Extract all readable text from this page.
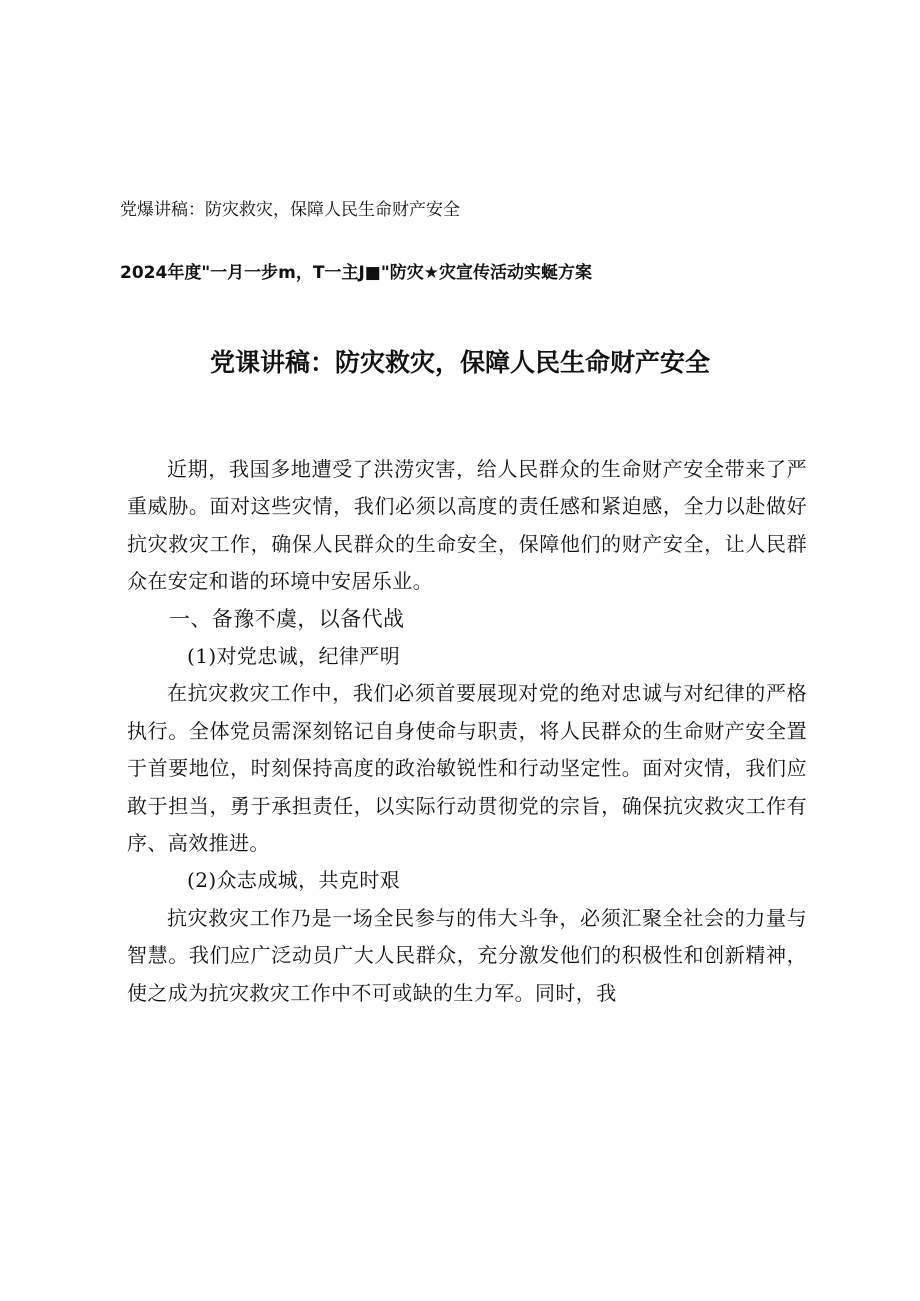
党爆讲稿：防灾救灾，保障人民生命财产安全

2024年度"一月一步m，T一主J■"防灾★灾宣传活动实蜒方案

党课讲稿：防灾救灾，保障人民生命财产安全

近期，我国多地遭受了洪涝灾害，给人民群众的生命财产安全带来了严重威胁。面对这些灾情，我们必须以高度的责任感和紧迫感，全力以赴做好抗灾救灾工作，确保人民群众的生命安全，保障他们的财产安全，让人民群众在安定和谐的环境中安居乐业。

一、备豫不虞，以备代战

(1)对党忠诚，纪律严明

在抗灾救灾工作中，我们必须首要展现对党的绝对忠诚与对纪律的严格执行。全体党员需深刻铭记自身使命与职责，将人民群众的生命财产安全置于首要地位，时刻保持高度的政治敏锐性和行动坚定性。面对灾情，我们应敢于担当，勇于承担责任，以实际行动贯彻党的宗旨，确保抗灾救灾工作有序、高效推进。

(2)众志成城，共克时艰

抗灾救灾工作乃是一场全民参与的伟大斗争，必须汇聚全社会的力量与智慧。我们应广泛动员广大人民群众，充分激发他们的积极性和创新精神，使之成为抗灾救灾工作中不可或缺的生力军。同时，我
